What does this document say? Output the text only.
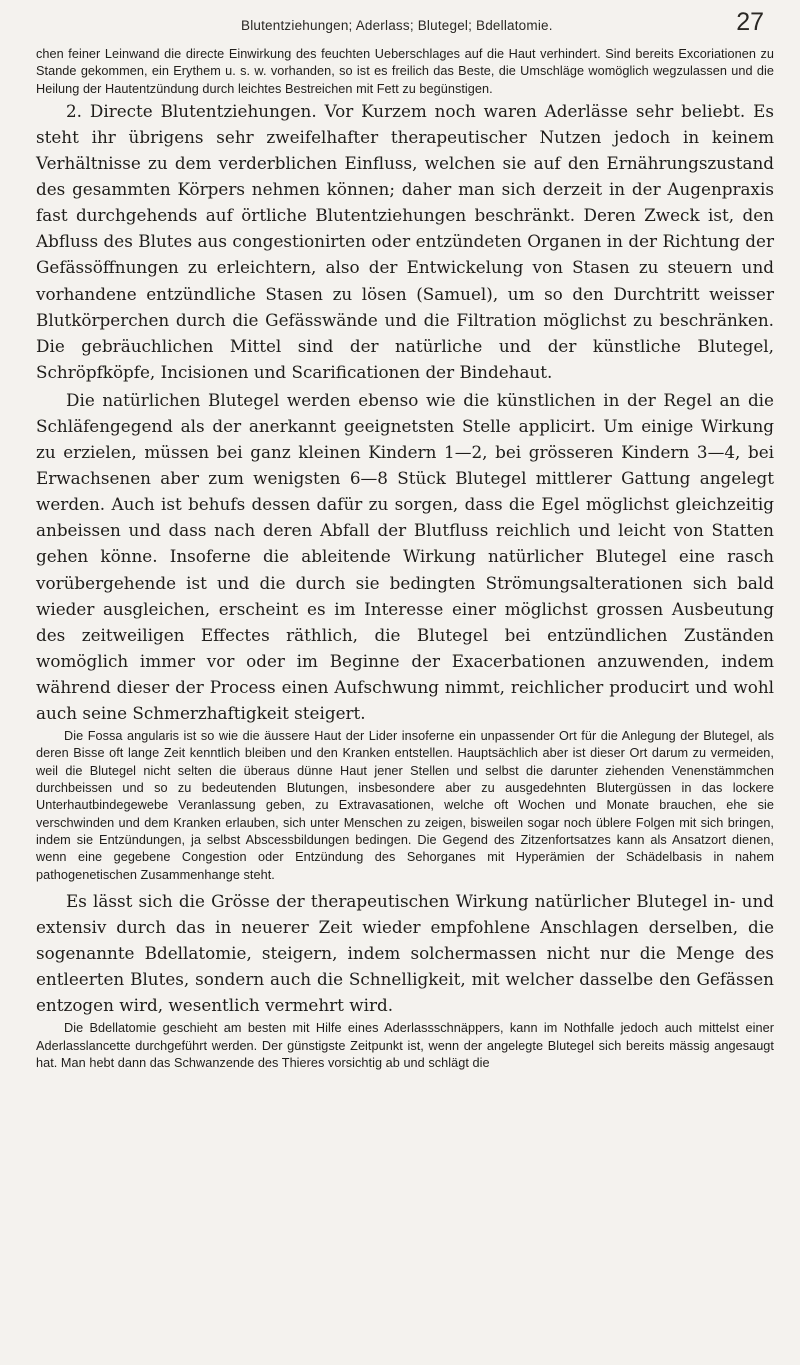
Blutentziehungen; Aderlass; Blutegel; Bdellatomie.	27

chen feiner Leinwand die directe Einwirkung des feuchten Ueberschlages auf die Haut verhindert. Sind bereits Excoriationen zu Stande gekommen, ein Erythem u. s. w. vorhanden, so ist es freilich das Beste, die Umschläge womöglich wegzulassen und die Heilung der Hautentzündung durch leichtes Bestreichen mit Fett zu begünstigen.

2. Directe Blutentziehungen. Vor Kurzem noch waren Aderlässe sehr beliebt. Es steht ihr übrigens sehr zweifelhafter therapeutischer Nutzen jedoch in keinem Verhältnisse zu dem verderblichen Einfluss, welchen sie auf den Ernährungszustand des gesammten Körpers nehmen können; daher man sich derzeit in der Augenpraxis fast durchgehends auf örtliche Blutentziehungen beschränkt. Deren Zweck ist, den Abfluss des Blutes aus congestionirten oder entzündeten Organen in der Richtung der Gefässöffnungen zu erleichtern, also der Entwickelung von Stasen zu steuern und vorhandene entzündliche Stasen zu lösen (Samuel), um so den Durchtritt weisser Blutkörperchen durch die Gefässwände und die Filtration möglichst zu beschränken. Die gebräuchlichen Mittel sind der natürliche und der künstliche Blutegel, Schröpfköpfe, Incisionen und Scarificationen der Bindehaut.

Die natürlichen Blutegel werden ebenso wie die künstlichen in der Regel an die Schläfengegend als der anerkannt geeignetsten Stelle applicirt. Um einige Wirkung zu erzielen, müssen bei ganz kleinen Kindern 1—2, bei grösseren Kindern 3—4, bei Erwachsenen aber zum wenigsten 6—8 Stück Blutegel mittlerer Gattung angelegt werden. Auch ist behufs dessen dafür zu sorgen, dass die Egel möglichst gleichzeitig anbeissen und dass nach deren Abfall der Blutfluss reichlich und leicht von Statten gehen könne. Insoferne die ableitende Wirkung natürlicher Blutegel eine rasch vorübergehende ist und die durch sie bedingten Strömungsalterationen sich bald wieder ausgleichen, erscheint es im Interesse einer möglichst grossen Ausbeutung des zeitweiligen Effectes räthlich, die Blutegel bei entzündlichen Zuständen womöglich immer vor oder im Beginne der Exacerbationen anzuwenden, indem während dieser der Process einen Aufschwung nimmt, reichlicher producirt und wohl auch seine Schmerzhaftigkeit steigert.

Die Fossa angularis ist so wie die äussere Haut der Lider insoferne ein unpassender Ort für die Anlegung der Blutegel, als deren Bisse oft lange Zeit kenntlich bleiben und den Kranken entstellen. Hauptsächlich aber ist dieser Ort darum zu vermeiden, weil die Blutegel nicht selten die überaus dünne Haut jener Stellen und selbst die darunter ziehenden Venenstämmchen durchbeissen und so zu bedeutenden Blutungen, insbesondere aber zu ausgedehnten Blutergüssen in das lockere Unterhautbindegewebe Veranlassung geben, zu Extravasationen, welche oft Wochen und Monate brauchen, ehe sie verschwinden und dem Kranken erlauben, sich unter Menschen zu zeigen, bisweilen sogar noch üblere Folgen mit sich bringen, indem sie Entzündungen, ja selbst Abscessbildungen bedingen. Die Gegend des Zitzenfortsatzes kann als Ansatzort dienen, wenn eine gegebene Congestion oder Entzündung des Sehorganes mit Hyperämien der Schädelbasis in nahem pathogenetischen Zusammenhange steht.

Es lässt sich die Grösse der therapeutischen Wirkung natürlicher Blutegel in- und extensiv durch das in neuerer Zeit wieder empfohlene Anschlagen derselben, die sogenannte Bdellatomie, steigern, indem solchermassen nicht nur die Menge des entleerten Blutes, sondern auch die Schnelligkeit, mit welcher dasselbe den Gefässen entzogen wird, wesentlich vermehrt wird.

Die Bdellatomie geschieht am besten mit Hilfe eines Aderlassschnäppers, kann im Nothfalle jedoch auch mittelst einer Aderlasslancette durchgeführt werden. Der günstigste Zeitpunkt ist, wenn der angelegte Blutegel sich bereits mässig angesaugt hat. Man hebt dann das Schwanzende des Thieres vorsichtig ab und schlägt die
